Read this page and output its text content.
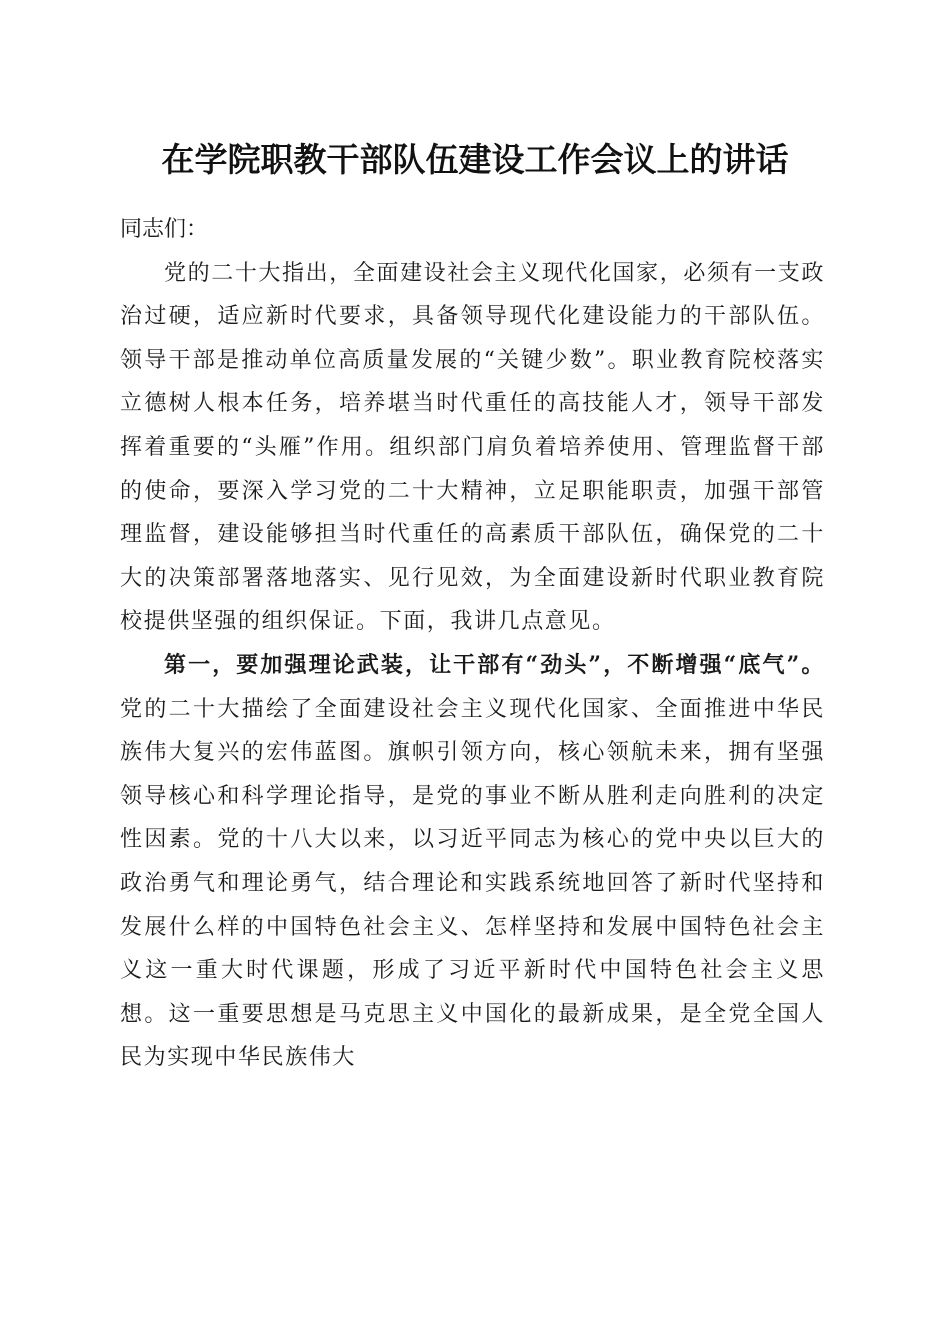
在学院职教干部队伍建设工作会议上的讲话

同志们：

党的二十大指出，全面建设社会主义现代化国家，必须有一支政治过硬，适应新时代要求，具备领导现代化建设能力的干部队伍。领导干部是推动单位高质量发展的“关键少数”。职业教育院校落实立德树人根本任务，培养堪当时代重任的高技能人才，领导干部发挥着重要的“头雁”作用。组织部门肩负着培养使用、管理监督干部的使命，要深入学习党的二十大精神，立足职能职责，加强干部管理监督，建设能够担当时代重任的高素质干部队伍，确保党的二十大的决策部署落地落实、见行见效，为全面建设新时代职业教育院校提供坚强的组织保证。下面，我讲几点意见。

第一，要加强理论武装，让干部有“劲头”，不断增强“底气”。党的二十大描绘了全面建设社会主义现代化国家、全面推进中华民族伟大复兴的宏伟蓝图。旗帜引领方向，核心领航未来，拥有坚强领导核心和科学理论指导，是党的事业不断从胜利走向胜利的决定性因素。党的十八大以来，以习近平同志为核心的党中央以巨大的政治勇气和理论勇气，结合理论和实践系统地回答了新时代坚持和发展什么样的中国特色社会主义、怎样坚持和发展中国特色社会主义这一重大时代课题，形成了习近平新时代中国特色社会主义思想。这一重要思想是马克思主义中国化的最新成果，是全党全国人民为实现中华民族伟大
